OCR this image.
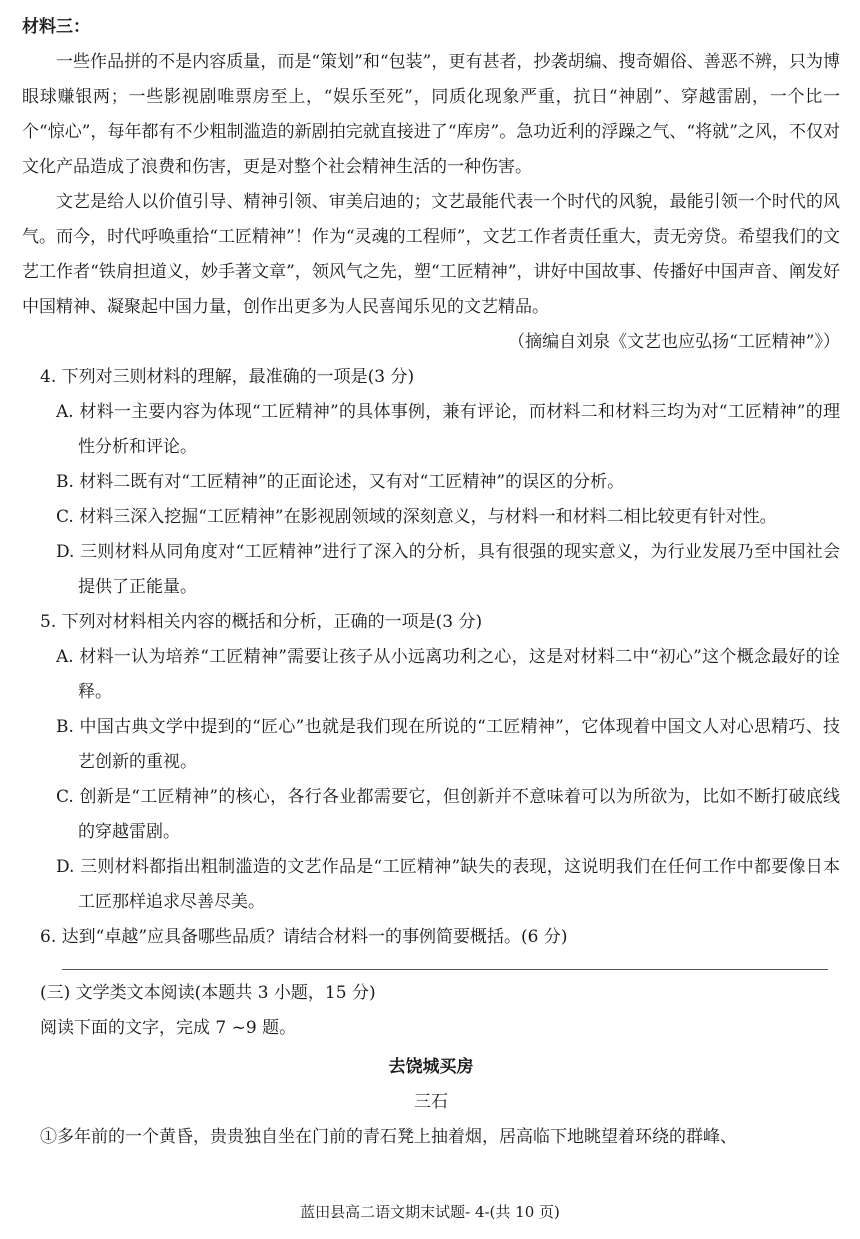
材料三：

一些作品拼的不是内容质量，而是“策划”和“包装”，更有甚者，抄袭胡编、搜奇媚俗、善恶不辨，只为博眼球赚银两；一些影视剧唯票房至上，“娱乐至死”，同质化现象严重，抗日“神剧”、穿越雷剧，一个比一个“惊心”，每年都有不少粗制滥造的新剧拍完就直接进了“库房”。急功近利的浮躁之气、“将就”之风，不仅对文化产品造成了浪费和伤害，更是对整个社会精神生活的一种伤害。

文艺是给人以价值引导、精神引领、审美启迪的；文艺最能代表一个时代的风貌，最能引领一个时代的风气。而今，时代呼唤重拾“工匠精神”！作为“灵魂的工程师”，文艺工作者责任重大，责无旁贷。希望我们的文艺工作者“铁肩担道义，妙手著文章”，领风气之先，塑“工匠精神”，讲好中国故事、传播好中国声音、阐发好中国精神、凝聚起中国力量，创作出更多为人民喜闻乐见的文艺精品。

（摘编自刘泉《文艺也应弘扬“工匠精神”》）

4. 下列对三则材料的理解，最准确的一项是(3 分)

A. 材料一主要内容为体现“工匠精神”的具体事例，兼有评论，而材料二和材料三均为对“工匠精神”的理性分析和评论。

B. 材料二既有对“工匠精神”的正面论述，又有对“工匠精神”的误区的分析。

C. 材料三深入挖掘“工匠精神”在影视剧领域的深刻意义，与材料一和材料二相比较更有针对性。

D. 三则材料从同角度对“工匠精神”进行了深入的分析，具有很强的现实意义，为行业发展乃至中国社会提供了正能量。

5. 下列对材料相关内容的概括和分析，正确的一项是(3 分)

A. 材料一认为培养“工匠精神”需要让孩子从小远离功利之心，这是对材料二中“初心”这个概念最好的诠释。

B. 中国古典文学中提到的“匠心”也就是我们现在所说的“工匠精神”，它体现着中国文人对心思精巧、技艺创新的重视。

C. 创新是“工匠精神”的核心，各行各业都需要它，但创新并不意味着可以为所欲为，比如不断打破底线的穿越雷剧。

D. 三则材料都指出粗制滥造的文艺作品是“工匠精神”缺失的表现，这说明我们在任何工作中都要像日本工匠那样追求尽善尽美。

6. 达到“卓越”应具备哪些品质？请结合材料一的事例简要概括。(6 分)

(三) 文学类文本阅读(本题共 3 小题，15 分)

阅读下面的文字，完成 7 ~9 题。

去饶城买房

三石

①多年前的一个黄昏，贵贵独自坐在门前的青石凳上抽着烟，居高临下地眺望着环绕的群峰、

蓝田县高二语文期末试题- 4-(共 10 页)
